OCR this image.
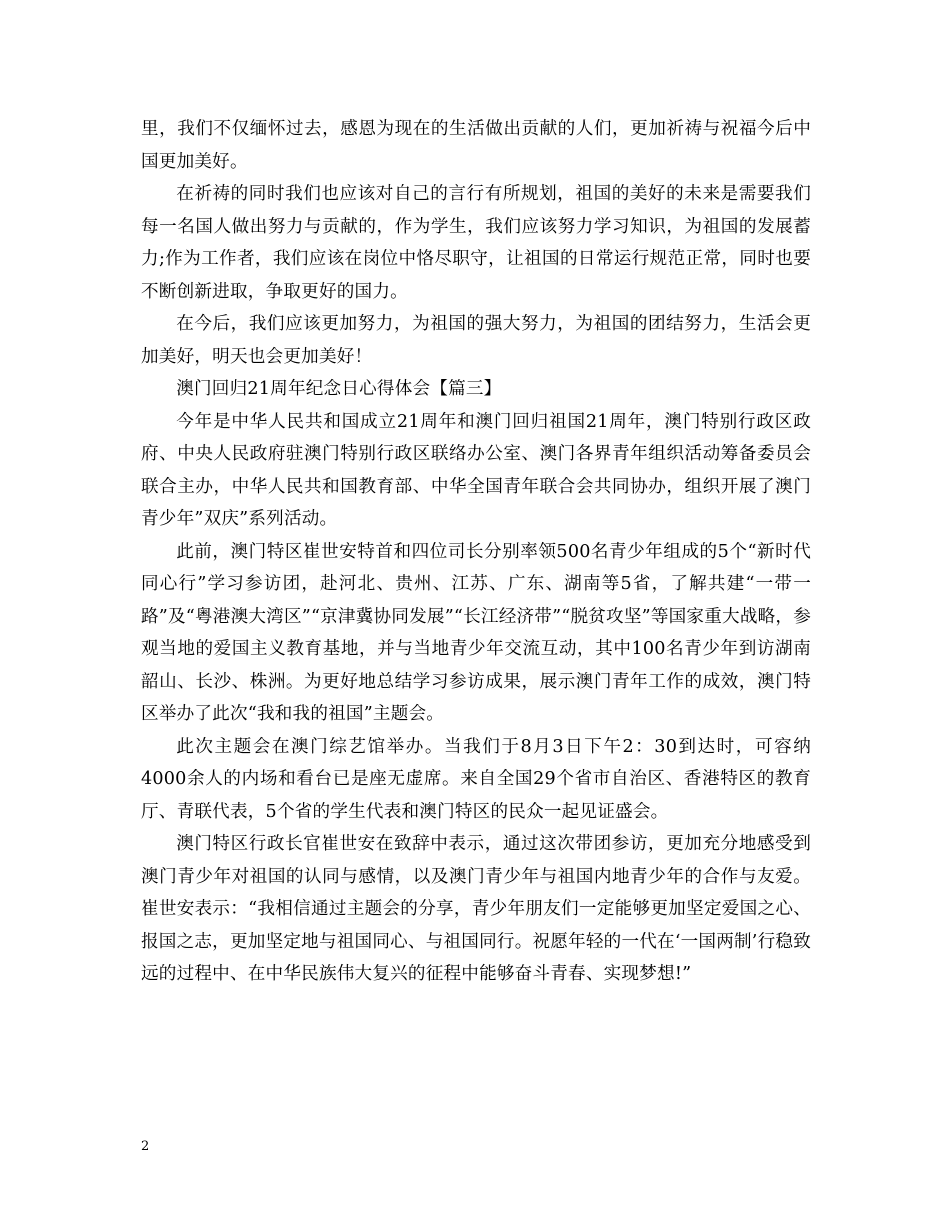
里，我们不仅缅怀过去，感恩为现在的生活做出贡献的人们，更加祈祷与祝福今后中国更加美好。

在祈祷的同时我们也应该对自己的言行有所规划，祖国的美好的未来是需要我们每一名国人做出努力与贡献的，作为学生，我们应该努力学习知识，为祖国的发展蓄力;作为工作者，我们应该在岗位中恪尽职守，让祖国的日常运行规范正常，同时也要不断创新进取，争取更好的国力。

在今后，我们应该更加努力，为祖国的强大努力，为祖国的团结努力，生活会更加美好，明天也会更加美好！

澳门回归21周年纪念日心得体会【篇三】

今年是中华人民共和国成立21周年和澳门回归祖国21周年，澳门特别行政区政府、中央人民政府驻澳门特别行政区联络办公室、澳门各界青年组织活动筹备委员会联合主办，中华人民共和国教育部、中华全国青年联合会共同协办，组织开展了澳门青少年”双庆”系列活动。

此前，澳门特区崔世安特首和四位司长分别率领500名青少年组成的5个“新时代同心行”学习参访团，赴河北、贵州、江苏、广东、湖南等5省，了解共建“一带一路”及“粤港澳大湾区”“京津冀协同发展”“长江经济带”“脱贫攻坚”等国家重大战略，参观当地的爱国主义教育基地，并与当地青少年交流互动，其中100名青少年到访湖南韶山、长沙、株洲。为更好地总结学习参访成果，展示澳门青年工作的成效，澳门特区举办了此次“我和我的祖国”主题会。

此次主题会在澳门综艺馆举办。当我们于8月3日下午2：30到达时，可容纳4000余人的内场和看台已是座无虚席。来自全国29个省市自治区、香港特区的教育厅、青联代表，5个省的学生代表和澳门特区的民众一起见证盛会。

澳门特区行政长官崔世安在致辞中表示，通过这次带团参访，更加充分地感受到澳门青少年对祖国的认同与感情，以及澳门青少年与祖国内地青少年的合作与友爱。崔世安表示：“我相信通过主题会的分享，青少年朋友们一定能够更加坚定爱国之心、报国之志，更加坚定地与祖国同心、与祖国同行。祝愿年轻的一代在‘一国两制’行稳致远的过程中、在中华民族伟大复兴的征程中能够奋斗青春、实现梦想!”

2
